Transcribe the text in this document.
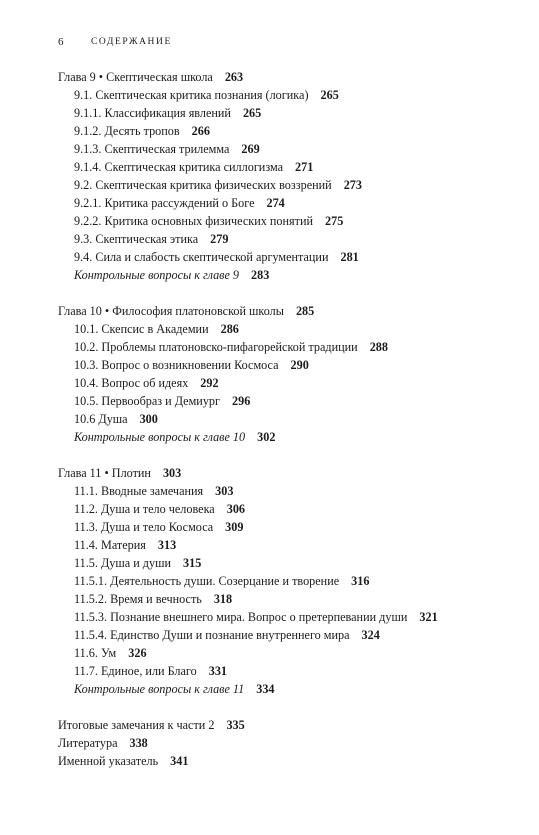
6	СОДЕРЖАНИЕ
Глава 9 • Скептическая школа 263
9.1. Скептическая критика познания (логика) 265
9.1.1. Классификация явлений 265
9.1.2. Десять тропов 266
9.1.3. Скептическая трилемма 269
9.1.4. Скептическая критика силлогизма 271
9.2. Скептическая критика физических воззрений 273
9.2.1. Критика рассуждений о Боге 274
9.2.2. Критика основных физических понятий 275
9.3. Скептическая этика 279
9.4. Сила и слабость скептической аргументации 281
Контрольные вопросы к главе 9 283
Глава 10 • Философия платоновской школы 285
10.1. Скепсис в Академии 286
10.2. Проблемы платоновско-пифагорейской традиции 288
10.3. Вопрос о возникновении Космоса 290
10.4. Вопрос об идеях 292
10.5. Первообраз и Демиург 296
10.6 Душа 300
Контрольные вопросы к главе 10 302
Глава 11 • Плотин 303
11.1. Вводные замечания 303
11.2. Душа и тело человека 306
11.3. Душа и тело Космоса 309
11.4. Материя 313
11.5. Душа и души 315
11.5.1. Деятельность души. Созерцание и творение 316
11.5.2. Время и вечность 318
11.5.3. Познание внешнего мира. Вопрос о претерпевании души 321
11.5.4. Единство Души и познание внутреннего мира 324
11.6. Ум 326
11.7. Единое, или Благо 331
Контрольные вопросы к главе 11 334
Итоговые замечания к части 2 335
Литература 338
Именной указатель 341
